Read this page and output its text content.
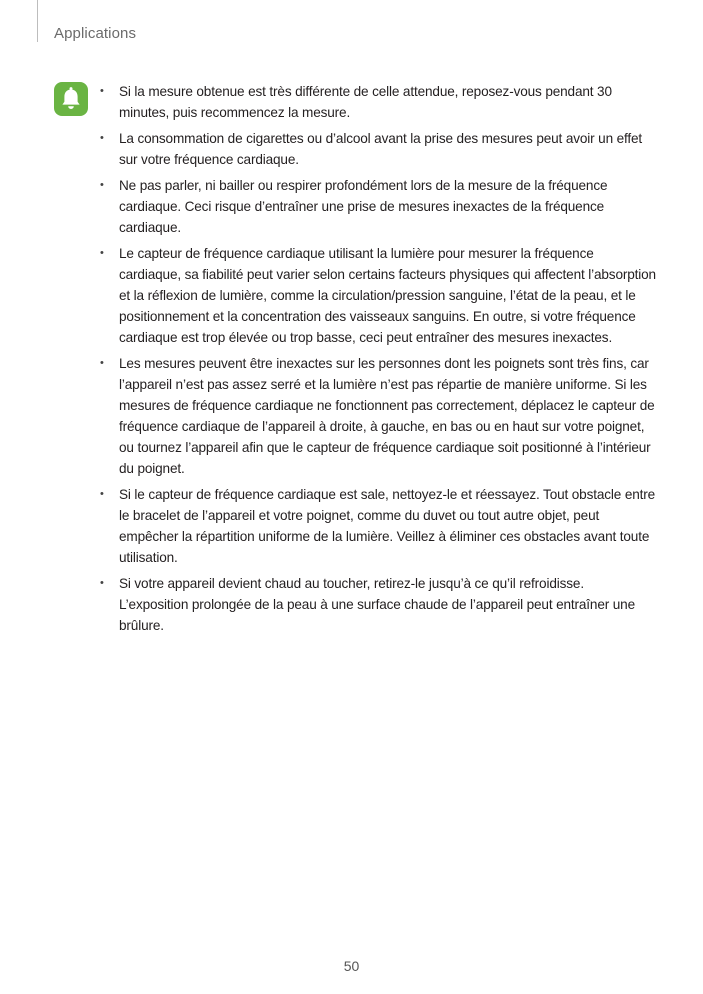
Applications
• Si la mesure obtenue est très différente de celle attendue, reposez-vous pendant 30 minutes, puis recommencez la mesure.
• La consommation de cigarettes ou d’alcool avant la prise des mesures peut avoir un effet sur votre fréquence cardiaque.
• Ne pas parler, ni bailler ou respirer profondément lors de la mesure de la fréquence cardiaque. Ceci risque d’entraîner une prise de mesures inexactes de la fréquence cardiaque.
• Le capteur de fréquence cardiaque utilisant la lumière pour mesurer la fréquence cardiaque, sa fiabilité peut varier selon certains facteurs physiques qui affectent l’absorption et la réflexion de lumière, comme la circulation/pression sanguine, l’état de la peau, et le positionnement et la concentration des vaisseaux sanguins. En outre, si votre fréquence cardiaque est trop élevée ou trop basse, ceci peut entraîner des mesures inexactes.
• Les mesures peuvent être inexactes sur les personnes dont les poignets sont très fins, car l’appareil n’est pas assez serré et la lumière n’est pas répartie de manière uniforme. Si les mesures de fréquence cardiaque ne fonctionnent pas correctement, déplacez le capteur de fréquence cardiaque de l’appareil à droite, à gauche, en bas ou en haut sur votre poignet, ou tournez l’appareil afin que le capteur de fréquence cardiaque soit positionné à l’intérieur du poignet.
• Si le capteur de fréquence cardiaque est sale, nettoyez-le et réessayez. Tout obstacle entre le bracelet de l’appareil et votre poignet, comme du duvet ou tout autre objet, peut empêcher la répartition uniforme de la lumière. Veillez à éliminer ces obstacles avant toute utilisation.
• Si votre appareil devient chaud au toucher, retirez-le jusqu’à ce qu’il refroidisse. L’exposition prolongée de la peau à une surface chaude de l’appareil peut entraîner une brûlure.
50
